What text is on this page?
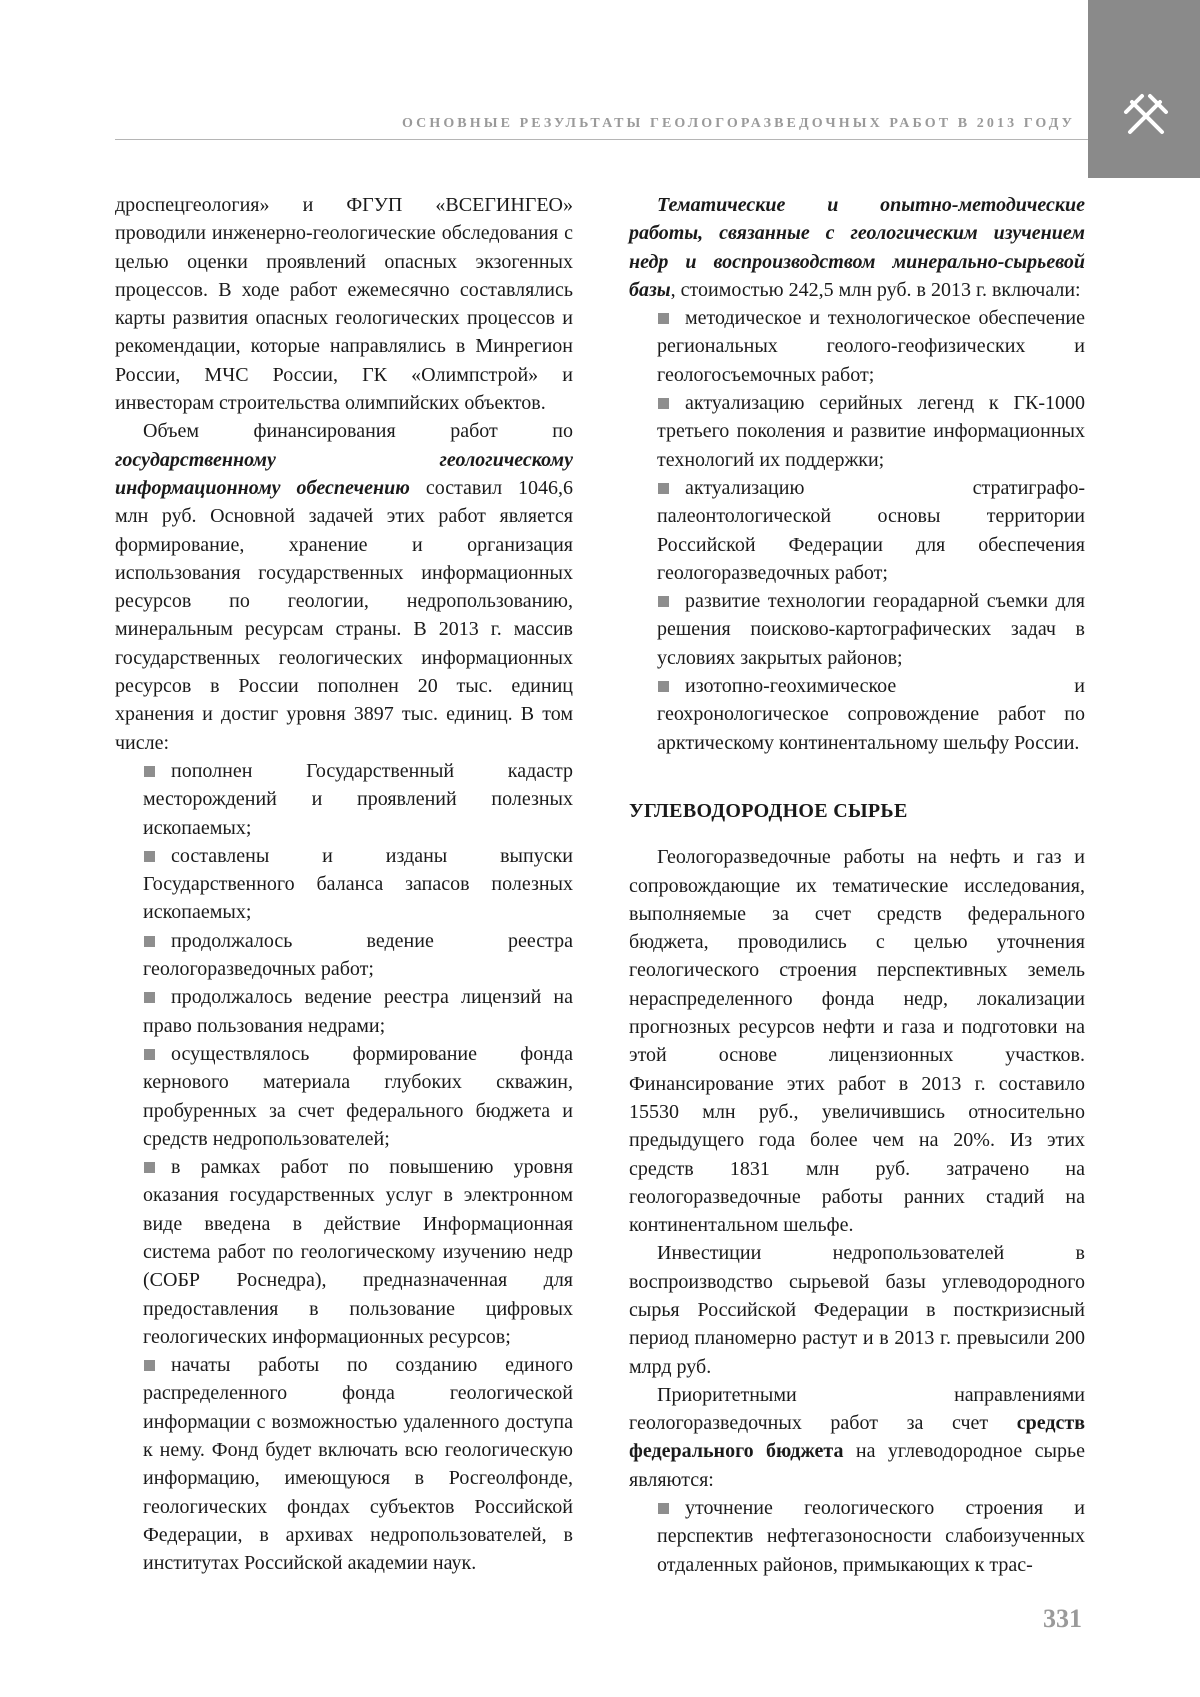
ОСНОВНЫЕ РЕЗУЛЬТАТЫ ГЕОЛОГОРАЗВЕДОЧНЫХ РАБОТ В 2013 ГОДУ

дроспецгеология» и ФГУП «ВСЕГИНГЕО» проводили инженерно-геологические обследования с целью оценки проявлений опасных экзогенных процессов. В ходе работ ежемесячно составлялись карты развития опасных геологических процессов и рекомендации, которые направлялись в Минрегион России, МЧС России, ГК «Олимпстрой» и инвесторам строительства олимпийских объектов.

Объем финансирования работ по государственному геологическому информационному обеспечению составил 1046,6 млн руб. Основной задачей этих работ является формирование, хранение и организация использования государственных информационных ресурсов по геологии, недропользованию, минеральным ресурсам страны. В 2013 г. массив государственных геологических информационных ресурсов в России пополнен 20 тыс. единиц хранения и достиг уровня 3897 тыс. единиц. В том числе:

пополнен Государственный кадастр месторождений и проявлений полезных ископаемых;
составлены и изданы выпуски Государственного баланса запасов полезных ископаемых;
продолжалось ведение реестра геологоразведочных работ;
продолжалось ведение реестра лицензий на право пользования недрами;
осуществлялось формирование фонда кернового материала глубоких скважин, пробуренных за счет федерального бюджета и средств недропользователей;
в рамках работ по повышению уровня оказания государственных услуг в электронном виде введена в действие Информационная система работ по геологическому изучению недр (СОБР Роснедра), предназначенная для предоставления в пользование цифровых геологических информационных ресурсов;
начаты работы по созданию единого распределенного фонда геологической информации с возможностью удаленного доступа к нему. Фонд будет включать всю геологическую информацию, имеющуюся в Росгеолфонде, геологических фондах субъектов Российской Федерации, в архивах недропользователей, в институтах Российской академии наук.

Тематические и опытно-методические работы, связанные с геологическим изучением недр и воспроизводством минерально-сырьевой базы, стоимостью 242,5 млн руб. в 2013 г. включали:

методическое и технологическое обеспечение региональных геолого-геофизических и геологосъемочных работ;
актуализацию серийных легенд к ГК-1000 третьего поколения и развитие информационных технологий их поддержки;
актуализацию стратиграфо-палеонтологической основы территории Российской Федерации для обеспечения геологоразведочных работ;
развитие технологии георадарной съемки для решения поисково-картографических задач в условиях закрытых районов;
изотопно-геохимическое и геохронологическое сопровождение работ по арктическому континентальному шельфу России.
УГЛЕВОДОРОДНОЕ СЫРЬЕ

Геологоразведочные работы на нефть и газ и сопровождающие их тематические исследования, выполняемые за счет средств федерального бюджета, проводились с целью уточнения геологического строения перспективных земель нераспределенного фонда недр, локализации прогнозных ресурсов нефти и газа и подготовки на этой основе лицензионных участков. Финансирование этих работ в 2013 г. составило 15530 млн руб., увеличившись относительно предыдущего года более чем на 20%. Из этих средств 1831 млн руб. затрачено на геологоразведочные работы ранних стадий на континентальном шельфе.

Инвестиции недропользователей в воспроизводство сырьевой базы углеводородного сырья Российской Федерации в посткризисный период планомерно растут и в 2013 г. превысили 200 млрд руб.

Приоритетными направлениями геологоразведочных работ за счет средств федерального бюджета на углеводородное сырье являются:

уточнение геологического строения и перспектив нефтегазоносности слабоизученных отдаленных районов, примыкающих к трас-
331
